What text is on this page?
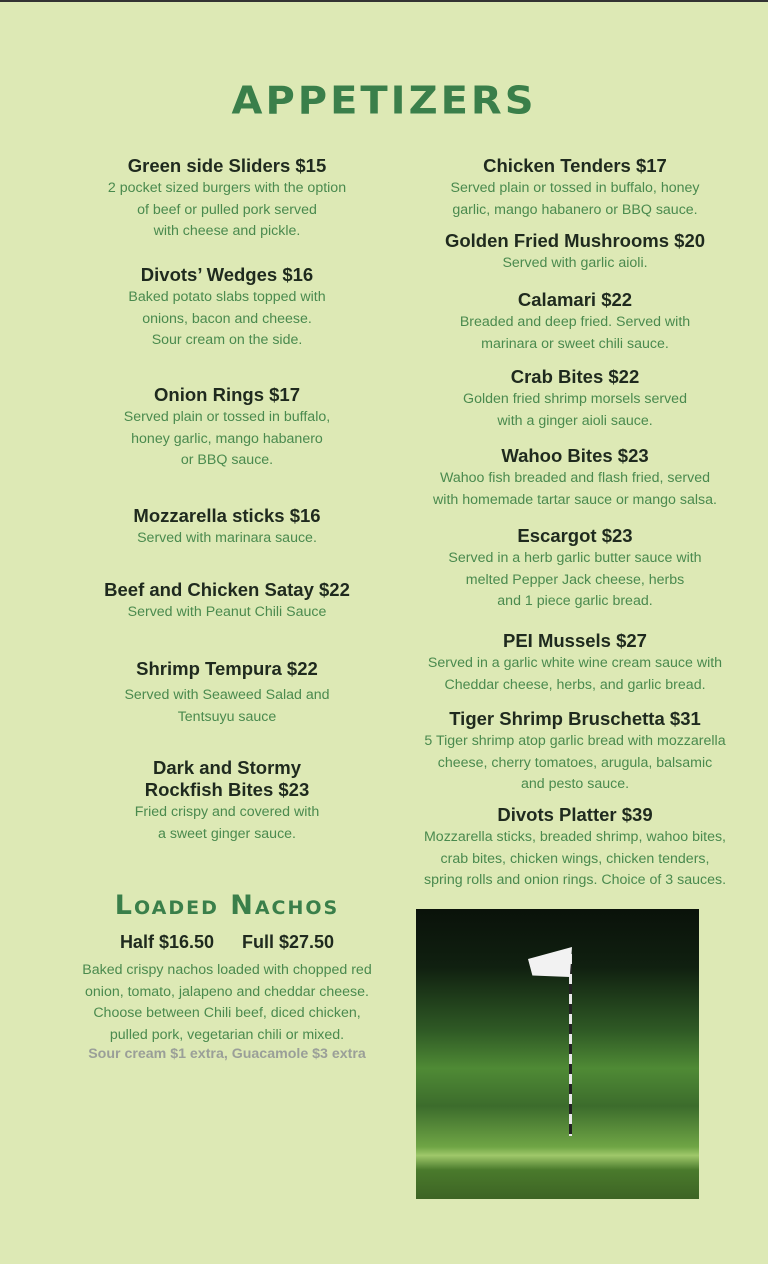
APPETIZERS
Green side Sliders $15
2 pocket sized burgers with the option
of beef or pulled pork served
with cheese and pickle.
Divots’ Wedges $16
Baked potato slabs topped with
onions, bacon and cheese.
Sour cream on the side.
Onion Rings $17
Served plain or tossed in buffalo,
honey garlic, mango habanero
or BBQ sauce.
Mozzarella sticks $16
Served with marinara sauce.
Beef and Chicken Satay $22
Served with Peanut Chili Sauce
Shrimp Tempura $22
Served with Seaweed Salad and
Tentsuyu sauce
Dark and Stormy
Rockfish Bites $23
Fried crispy and covered with
a sweet ginger sauce.
Chicken Tenders $17
Served plain or tossed in buffalo, honey
garlic, mango habanero or BBQ sauce.
Golden Fried Mushrooms $20
Served with garlic aioli.
Calamari $22
Breaded and deep fried. Served with
marinara or sweet chili sauce.
Crab Bites $22
Golden fried shrimp morsels served
with a ginger aioli sauce.
Wahoo Bites $23
Wahoo fish breaded and flash fried, served
with homemade tartar sauce or mango salsa.
Escargot $23
Served in a herb garlic butter sauce with
melted Pepper Jack cheese, herbs
and 1 piece garlic bread.
PEI Mussels $27
Served in a garlic white wine cream sauce with
Cheddar cheese, herbs, and garlic bread.
Tiger Shrimp Bruschetta $31
5 Tiger shrimp atop garlic bread with mozzarella
cheese, cherry tomatoes, arugula, balsamic
and pesto sauce.
Divots Platter $39
Mozzarella sticks, breaded shrimp, wahoo bites,
crab bites, chicken wings, chicken tenders,
spring rolls and onion rings. Choice of 3 sauces.
Loaded Nachos
Half $16.50 Full $27.50
Baked crispy nachos loaded with chopped red
onion, tomato, jalapeno and cheddar cheese.
Choose between Chili beef, diced chicken,
pulled pork, vegetarian chili or mixed.
Sour cream $1 extra, Guacamole $3 extra
